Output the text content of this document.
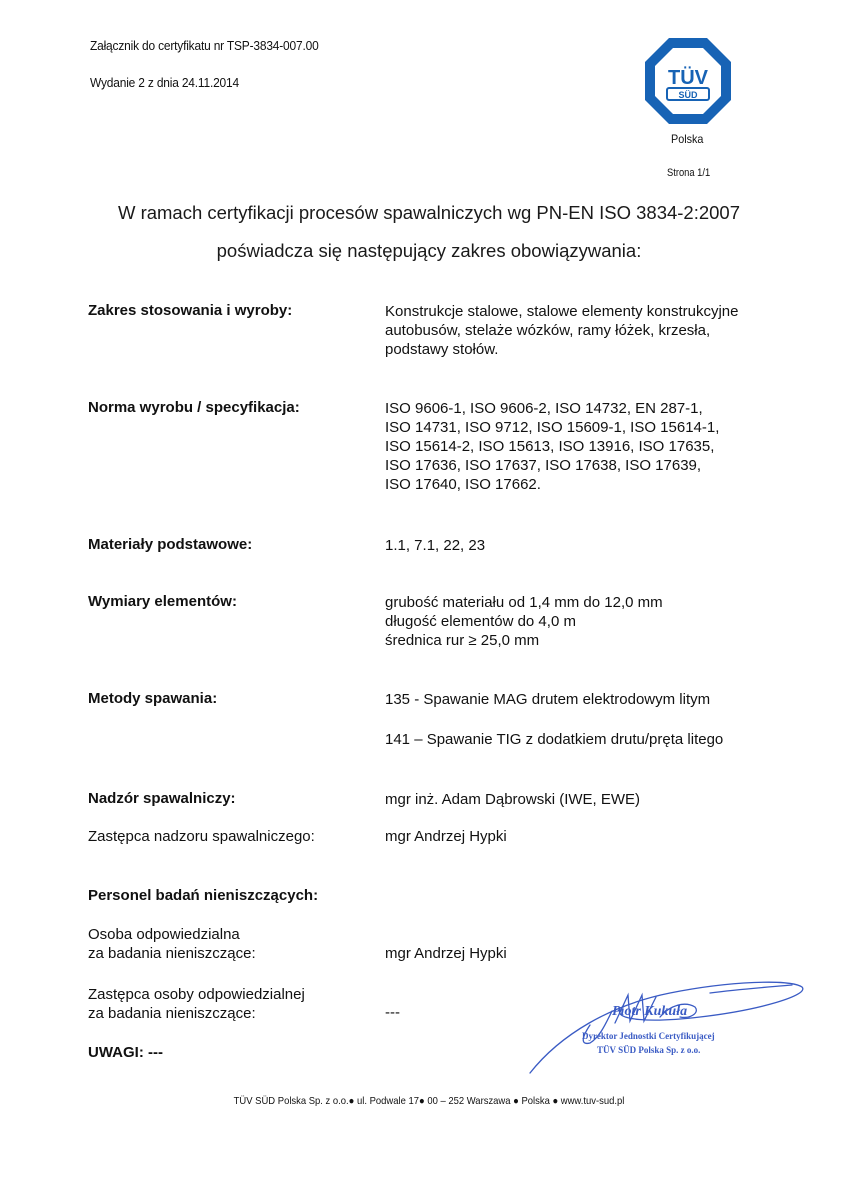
Załącznik do certyfikatu nr TSP-3834-007.00
Wydanie 2 z dnia 24.11.2014	TÜV
SÜD
Polska
Strona 1/1
W ramach certyfikacji procesów spawalniczych wg PN-EN ISO 3834-2:2007
poświadcza się następujący zakres obowiązywania:
Zakres stosowania i wyroby:	Konstrukcje stalowe, stalowe elementy konstrukcyjne
autobusów, stelaże wózków, ramy łóżek, krzesła,
podstawy stołów.
Norma wyrobu / specyfikacja:	ISO 9606-1, ISO 9606-2, ISO 14732, EN 287-1,
ISO 14731, ISO 9712, ISO 15609-1, ISO 15614-1,
ISO 15614-2, ISO 15613, ISO 13916, ISO 17635,
ISO 17636, ISO 17637, ISO 17638, ISO 17639,
ISO 17640, ISO 17662.
Materiały podstawowe:	1.1, 7.1, 22, 23
Wymiary elementów:	grubość materiału od 1,4 mm do 12,0 mm
długość elementów do 4,0 m
średnica rur ≥ 25,0 mm
Metody spawania:	135 - Spawanie MAG drutem elektrodowym litym
141 – Spawanie TIG z dodatkiem drutu/pręta litego
Nadzór spawalniczy:	mgr inż. Adam Dąbrowski (IWE, EWE)
Zastępca nadzoru spawalniczego:	mgr Andrzej Hypki
Personel badań nieniszczących:
Osoba odpowiedzialna
za badania nieniszczące:	mgr Andrzej Hypki
Zastępca osoby odpowiedzialnej
za badania nieniszczące:	---
UWAGI: ---
Piotr Kukuła
Dyrektor Jednostki Certyfikującej
TÜV SÜD Polska Sp. z o.o.
TÜV SÜD Polska Sp. z o.o.● ul. Podwale 17● 00 – 252 Warszawa ● Polska ● www.tuv-sud.pl
